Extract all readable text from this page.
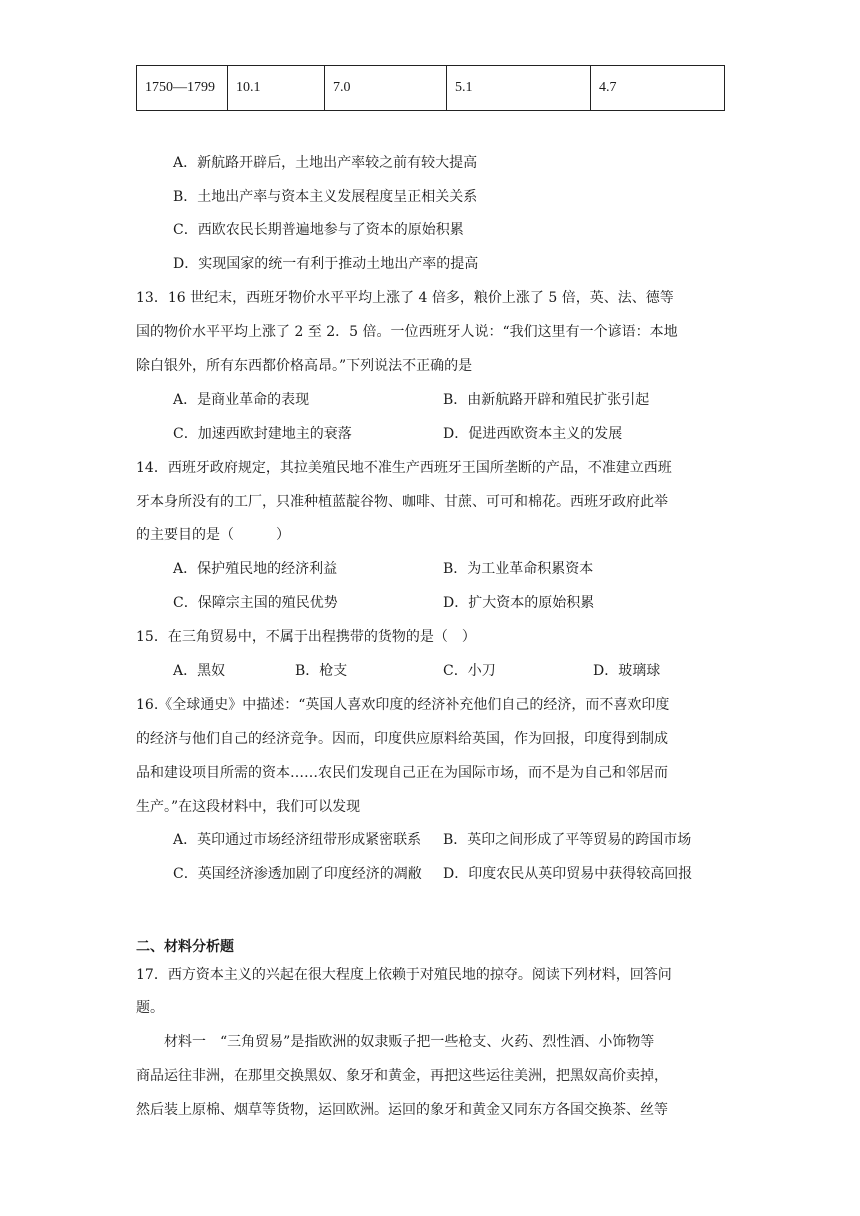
1750—1799	10.1	7.0	5.1	4.7
A．新航路开辟后，土地出产率较之前有较大提高
B．土地出产率与资本主义发展程度呈正相关关系
C．西欧农民长期普遍地参与了资本的原始积累
D．实现国家的统一有利于推动土地出产率的提高
13．16 世纪末，西班牙物价水平平均上涨了 4 倍多，粮价上涨了 5 倍，英、法、德等
国的物价水平平均上涨了 2 至 2．5 倍。一位西班牙人说：“我们这里有一个谚语：本地
除白银外，所有东西都价格高昂。”下列说法不正确的是
A．是商业革命的表现	B．由新航路开辟和殖民扩张引起
C．加速西欧封建地主的衰落	D．促进西欧资本主义的发展
14．西班牙政府规定，其拉美殖民地不准生产西班牙王国所垄断的产品，不准建立西班
牙本身所没有的工厂，只准种植蓝靛谷物、咖啡、甘蔗、可可和棉花。西班牙政府此举
的主要目的是（　　　）
A．保护殖民地的经济利益	B．为工业革命积累资本
C．保障宗主国的殖民优势	D．扩大资本的原始积累
15．在三角贸易中，不属于出程携带的货物的是（　）
A．黑奴	B．枪支	C．小刀	D．玻璃球
16.《全球通史》中描述：“英国人喜欢印度的经济补充他们自己的经济，而不喜欢印度
的经济与他们自己的经济竞争。因而，印度供应原料给英国，作为回报，印度得到制成
品和建设项目所需的资本……农民们发现自己正在为国际市场，而不是为自己和邻居而
生产。”在这段材料中，我们可以发现
A．英印通过市场经济纽带形成紧密联系 B．英印之间形成了平等贸易的跨国市场
C．英国经济渗透加剧了印度经济的凋敝 D．印度农民从英印贸易中获得较高回报
二、材料分析题
17．西方资本主义的兴起在很大程度上依赖于对殖民地的掠夺。阅读下列材料，回答问
题。
材料一　“三角贸易”是指欧洲的奴隶贩子把一些枪支、火药、烈性酒、小饰物等
商品运往非洲，在那里交换黑奴、象牙和黄金，再把这些运往美洲，把黑奴高价卖掉，
然后装上原棉、烟草等货物，运回欧洲。运回的象牙和黄金又同东方各国交换茶、丝等
